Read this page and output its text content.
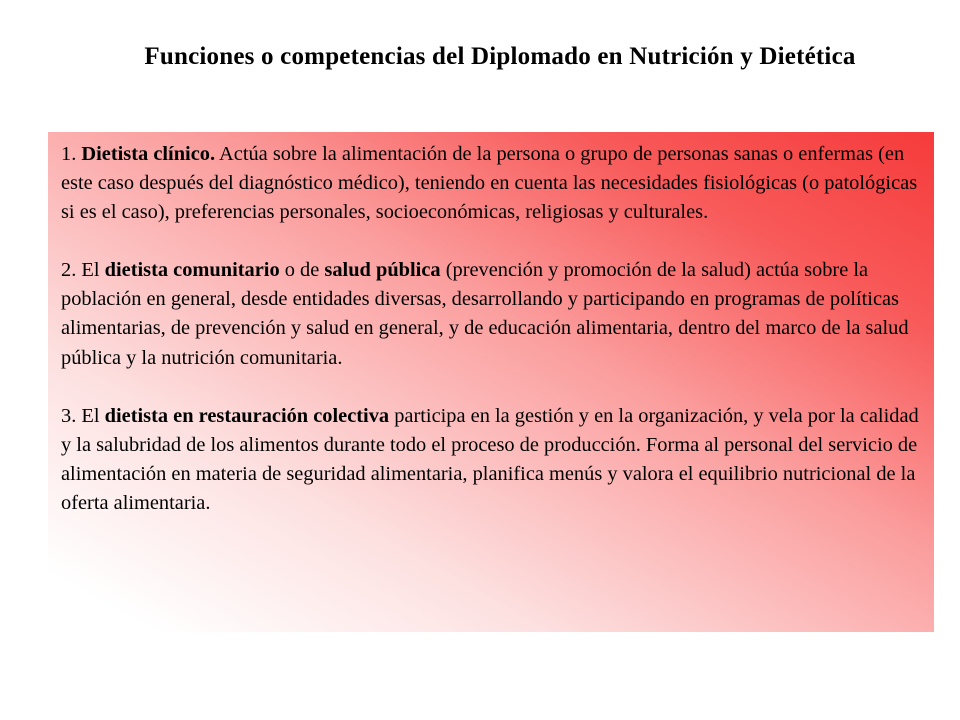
Funciones o competencias del Diplomado en Nutrición y Dietética

1. Dietista clínico. Actúa sobre la alimentación de la persona o grupo de personas sanas o enfermas (en este caso después del diagnóstico médico), teniendo en cuenta las necesidades fisiológicas (o patológicas si es el caso), preferencias personales, socioeconómicas, religiosas y culturales.

2. El dietista comunitario o de salud pública (prevención y promoción de la salud) actúa sobre la población en general, desde entidades diversas, desarrollando y participando en programas de políticas alimentarias, de prevención y salud en general, y de educación alimentaria, dentro del marco de la salud pública y la nutrición comunitaria.

3. El dietista en restauración colectiva participa en la gestión y en la organización, y vela por la calidad y la salubridad de los alimentos durante todo el proceso de producción. Forma al personal del servicio de alimentación en materia de seguridad alimentaria, planifica menús y valora el equilibrio nutricional de la oferta alimentaria.
